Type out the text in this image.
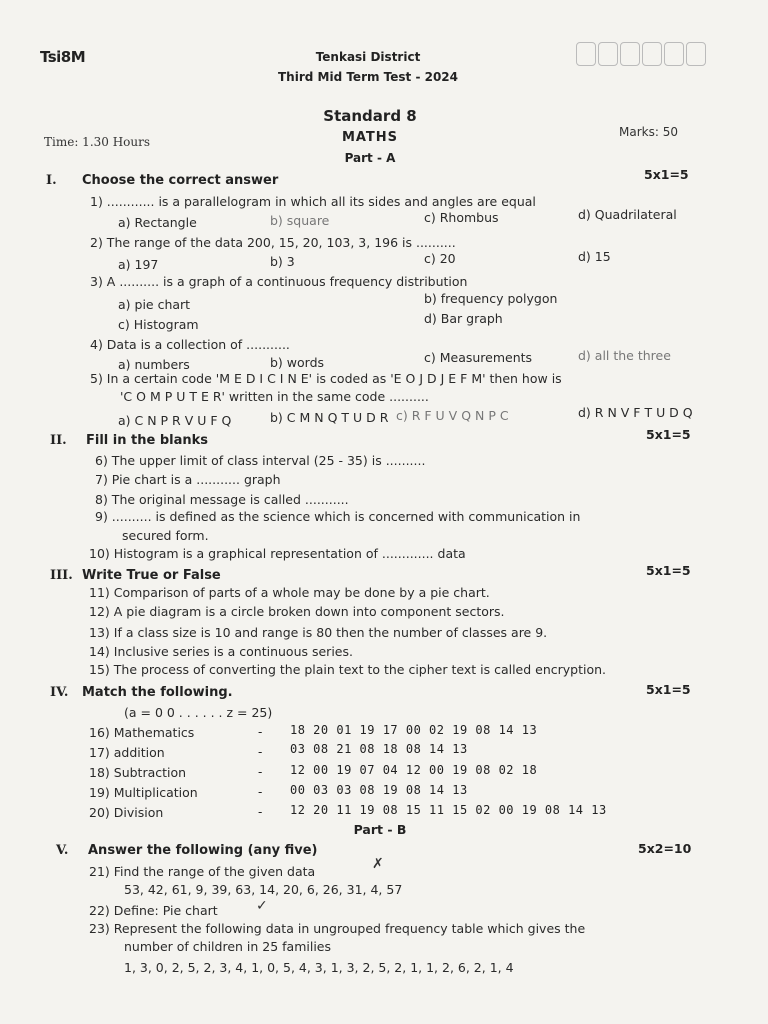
Tsi8M	Tenkasi District
Third Mid Term Test - 2024
Standard 8
MATHS
Part - A
Time: 1.30 Hours
Marks: 50
I. Choose the correct answer	5x1=5
1) ............ is a parallelogram in which all its sides and angles are equal
a) Rectangle	b) square	c) Rhombus	d) Quadrilateral
2) The range of the data 200, 15, 20, 103, 3, 196 is ..........
a) 197	b) 3	c) 20	d) 15
3) A .......... is a graph of a continuous frequency distribution
a) pie chart	b) frequency polygon
c) Histogram	d) Bar graph
4) Data is a collection of ...........
a) numbers	b) words	c) Measurements	d) all the three
5) In a certain code 'M E D I C I N E' is coded as 'E O J D J E F M' then how is
'C O M P U T E R' written in the same code ..........
a) C N P R V U F Q	b) C M N Q T U D R c) R F U V Q N P C	d) R N V F T U D Q
II. Fill in the blanks	5x1=5
6) The upper limit of class interval (25 - 35) is ..........
7) Pie chart is a ........... graph
8) The original message is called ...........
9) .......... is defined as the science which is concerned with communication in
secured form.
10) Histogram is a graphical representation of ............. data
III. Write True or False	5x1=5
11) Comparison of parts of a whole may be done by a pie chart.
12) A pie diagram is a circle broken down into component sectors.
13) If a class size is 10 and range is 80 then the number of classes are 9.
14) Inclusive series is a continuous series.
15) The process of converting the plain text to the cipher text is called encryption.
IV. Match the following.	5x1=5
(a = 0 0 . . . . . . z = 25)
16) Mathematics	- 18 20 01 19 17 00 02 19 08 14 13
17) addition	- 03 08 21 08 18 08 14 13
18) Subtraction	- 12 00 19 07 04 12 00 19 08 02 18
19) Multiplication	- 00 03 03 08 19 08 14 13
20) Division	- 12 20 11 19 08 15 11 15 02 00 19 08 14 13
Part - B
V. Answer the following (any five)	5x2=10
21) Find the range of the given data	✗
53, 42, 61, 9, 39, 63, 14, 20, 6, 26, 31, 4, 57
22) Define: Pie chart	✓
23) Represent the following data in ungrouped frequency table which gives the
number of children in 25 families
1, 3, 0, 2, 5, 2, 3, 4, 1, 0, 5, 4, 3, 1, 3, 2, 5, 2, 1, 1, 2, 6, 2, 1, 4
